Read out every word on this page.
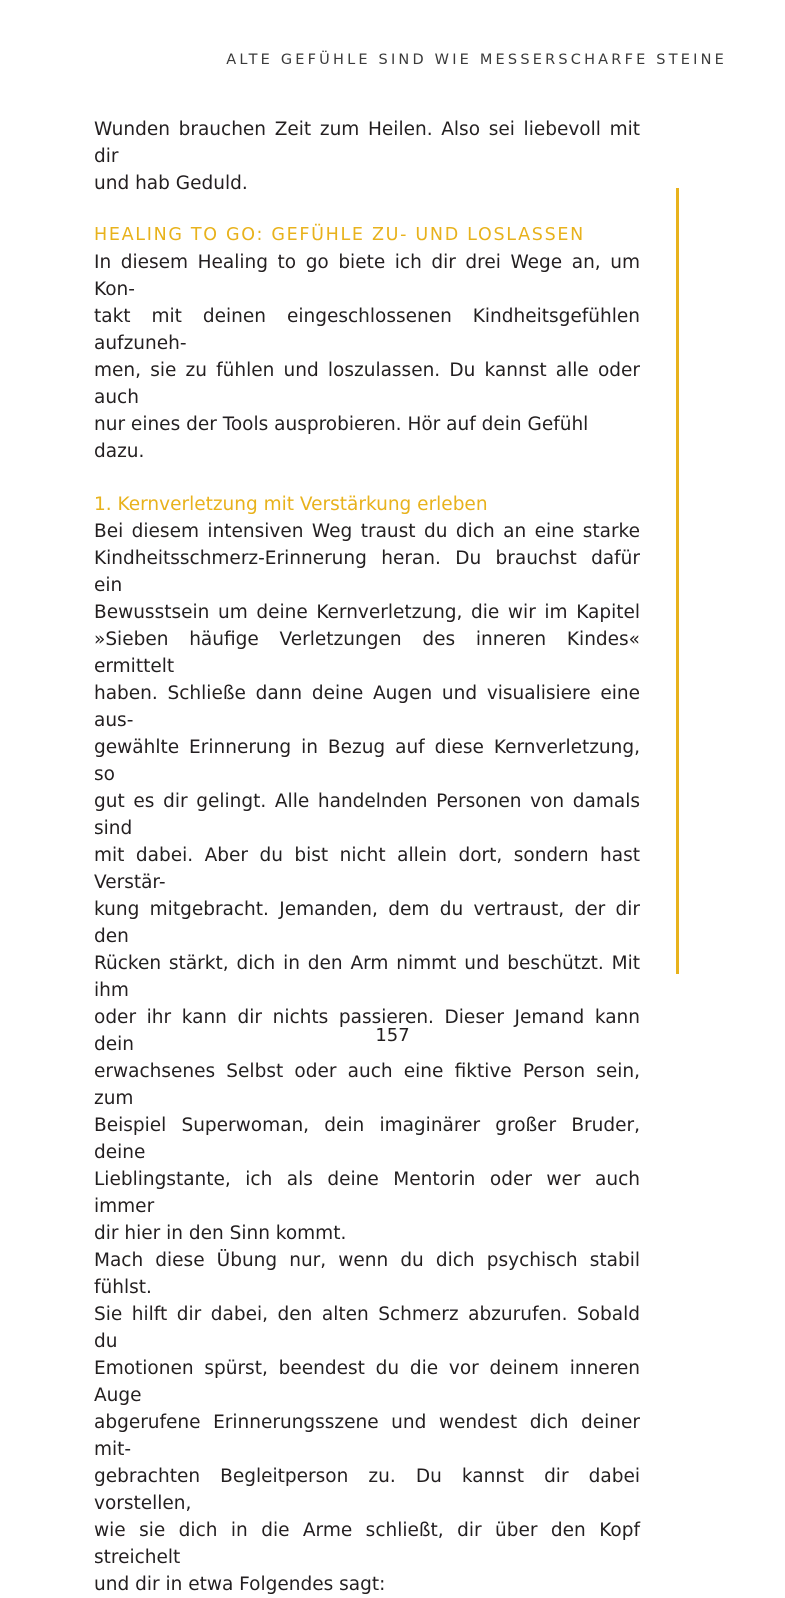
ALTE GEFÜHLE SIND WIE MESSERSCHARFE STEINE
Wunden brauchen Zeit zum Heilen. Also sei liebevoll mit dir
und hab Geduld.
HEALING TO GO: GEFÜHLE ZU- UND LOSLASSEN
In diesem Healing to go biete ich dir drei Wege an, um Kon-
takt mit deinen eingeschlossenen Kindheitsgefühlen aufzuneh-
men, sie zu fühlen und loszulassen. Du kannst alle oder auch
nur eines der Tools ausprobieren. Hör auf dein Gefühl dazu.
1. Kernverletzung mit Verstärkung erleben
Bei diesem intensiven Weg traust du dich an eine starke
Kindheitsschmerz-Erinnerung heran. Du brauchst dafür ein
Bewusstsein um deine Kernverletzung, die wir im Kapitel
»Sieben häufige Verletzungen des inneren Kindes« ermittelt
haben. Schließe dann deine Augen und visualisiere eine aus-
gewählte Erinnerung in Bezug auf diese Kernverletzung, so
gut es dir gelingt. Alle handelnden Personen von damals sind
mit dabei. Aber du bist nicht allein dort, sondern hast Verstär-
kung mitgebracht. Jemanden, dem du vertraust, der dir den
Rücken stärkt, dich in den Arm nimmt und beschützt. Mit ihm
oder ihr kann dir nichts passieren. Dieser Jemand kann dein
erwachsenes Selbst oder auch eine fiktive Person sein, zum
Beispiel Superwoman, dein imaginärer großer Bruder, deine
Lieblingstante, ich als deine Mentorin oder wer auch immer
dir hier in den Sinn kommt.
Mach diese Übung nur, wenn du dich psychisch stabil fühlst.
Sie hilft dir dabei, den alten Schmerz abzurufen. Sobald du
Emotionen spürst, beendest du die vor deinem inneren Auge
abgerufene Erinnerungsszene und wendest dich deiner mit-
gebrachten Begleitperson zu. Du kannst dir dabei vorstellen,
wie sie dich in die Arme schließt, dir über den Kopf streichelt
und dir in etwa Folgendes sagt:
157
